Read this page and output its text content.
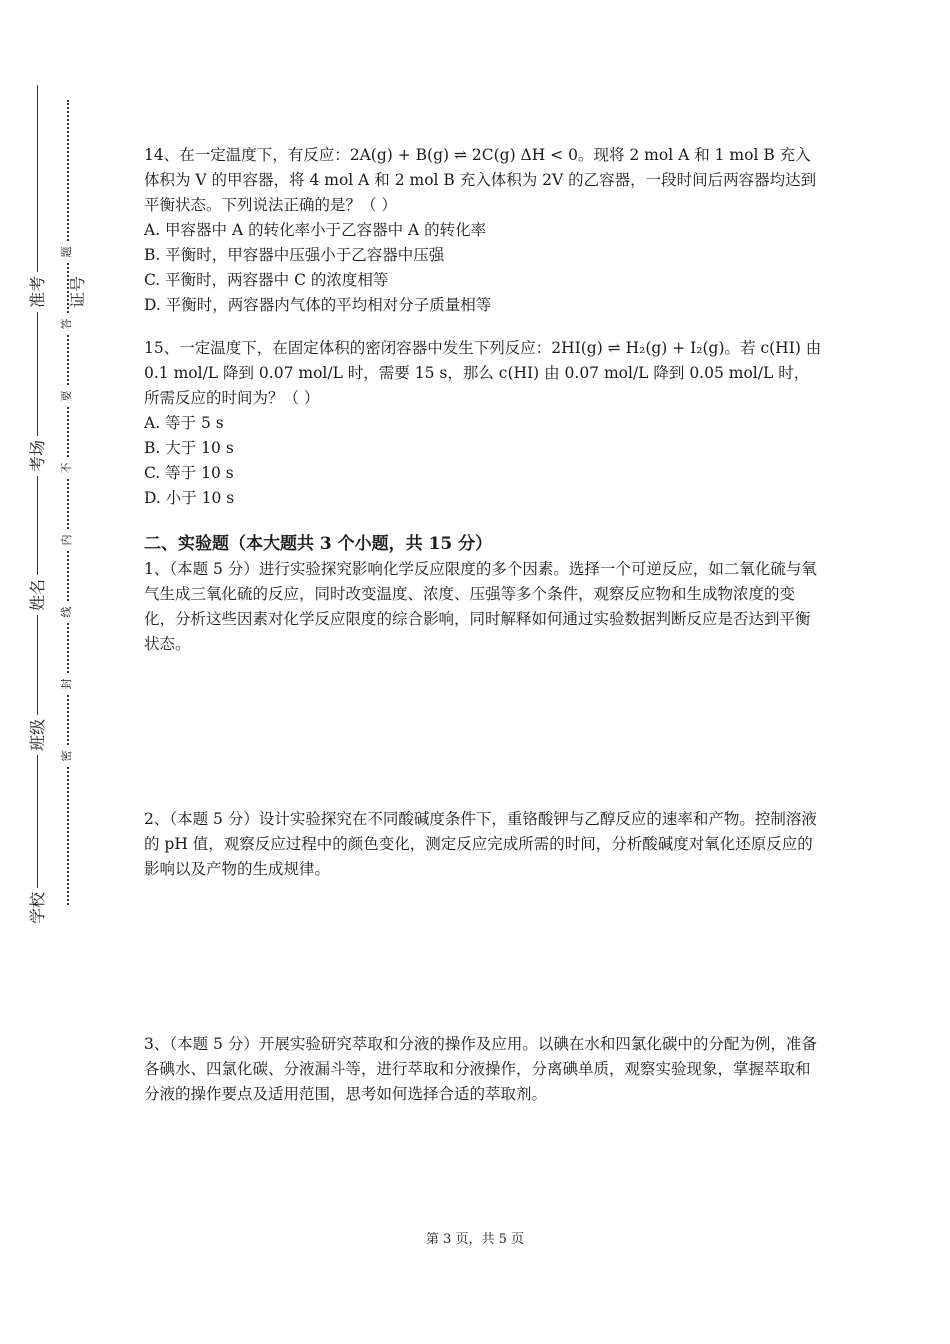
准考证号
考场
姓名
班级
学校
题
答
要
不
内
线
封
密

14、在一定温度下，有反应：2A(g) + B(g) ⇌ 2C(g) ΔH < 0。现将 2 mol A 和 1 mol B 充入体积为 V 的甲容器，将 4 mol A 和 2 mol B 充入体积为 2V 的乙容器，一段时间后两容器均达到平衡状态。下列说法正确的是？（ ）

A. 甲容器中 A 的转化率小于乙容器中 A 的转化率

B. 平衡时，甲容器中压强小于乙容器中压强

C. 平衡时，两容器中 C 的浓度相等

D. 平衡时，两容器内气体的平均相对分子质量相等

15、一定温度下，在固定体积的密闭容器中发生下列反应：2HI(g) ⇌ H₂(g) + I₂(g)。若 c(HI) 由 0.1 mol/L 降到 0.07 mol/L 时，需要 15 s，那么 c(HI) 由 0.07 mol/L 降到 0.05 mol/L 时，所需反应的时间为？（ ）

A. 等于 5 s

B. 大于 10 s

C. 等于 10 s

D. 小于 10 s

二、实验题（本大题共 3 个小题，共 15 分）

1、（本题 5 分）进行实验探究影响化学反应限度的多个因素。选择一个可逆反应，如二氧化硫与氧气生成三氧化硫的反应，同时改变温度、浓度、压强等多个条件，观察反应物和生成物浓度的变化，分析这些因素对化学反应限度的综合影响，同时解释如何通过实验数据判断反应是否达到平衡状态。

2、（本题 5 分）设计实验探究在不同酸碱度条件下，重铬酸钾与乙醇反应的速率和产物。控制溶液的 pH 值，观察反应过程中的颜色变化，测定反应完成所需的时间，分析酸碱度对氧化还原反应的影响以及产物的生成规律。

3、（本题 5 分）开展实验研究萃取和分液的操作及应用。以碘在水和四氯化碳中的分配为例，准备各碘水、四氯化碳、分液漏斗等，进行萃取和分液操作，分离碘单质，观察实验现象，掌握萃取和分液的操作要点及适用范围，思考如何选择合适的萃取剂。

第 3 页，共 5 页
